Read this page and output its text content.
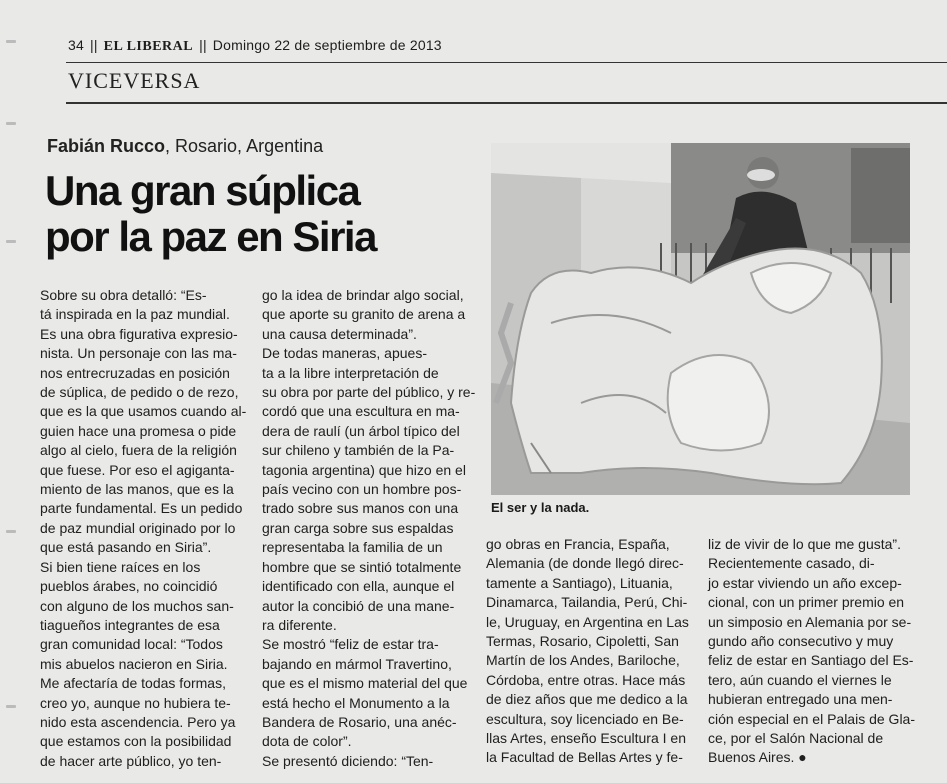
34 || EL LIBERAL || Domingo 22 de septiembre de 2013
VICEVERSA
Fabián Rucco, Rosario, Argentina
Una gran súplica
por la paz en Siria
Sobre su obra detalló: “Es-
tá inspirada en la paz mundial.
Es una obra figurativa expresio-
nista. Un personaje con las ma-
nos entrecruzadas en posición
de súplica, de pedido o de rezo,
que es la que usamos cuando al-
guien hace una promesa o pide
algo al cielo, fuera de la religión
que fuese. Por eso el agiganta-
miento de las manos, que es la
parte fundamental. Es un pedido
de paz mundial originado por lo
que está pasando en Siria”.
Si bien tiene raíces en los
pueblos árabes, no coincidió
con alguno de los muchos san-
tiagueños integrantes de esa
gran comunidad local: “Todos
mis abuelos nacieron en Siria.
Me afectaría de todas formas,
creo yo, aunque no hubiera te-
nido esta ascendencia. Pero ya
que estamos con la posibilidad
de hacer arte público, yo ten-
go la idea de brindar algo social,
que aporte su granito de arena a
una causa determinada”.
De todas maneras, apues-
ta a la libre interpretación de
su obra por parte del público, y re-
cordó que una escultura en ma-
dera de raulí (un árbol típico del
sur chileno y también de la Pa-
tagonia argentina) que hizo en el
país vecino con un hombre pos-
trado sobre sus manos con una
gran carga sobre sus espaldas
representaba la familia de un
hombre que se sintió totalmente
identificado con ella, aunque el
autor la concibió de una mane-
ra diferente.
Se mostró “feliz de estar tra-
bajando en mármol Travertino,
que es el mismo material del que
está hecho el Monumento a la
Bandera de Rosario, una anéc-
dota de color”.
Se presentó diciendo: “Ten-
go obras en Francia, España,
Alemania (de donde llegó direc-
tamente a Santiago), Lituania,
Dinamarca, Tailandia, Perú, Chi-
le, Uruguay, en Argentina en Las
Termas, Rosario, Cipoletti, San
Martín de los Andes, Bariloche,
Córdoba, entre otras. Hace más
de diez años que me dedico a la
escultura, soy licenciado en Be-
llas Artes, enseño Escultura I en
la Facultad de Bellas Artes y fe-
liz de vivir de lo que me gusta”.
Recientemente casado, di-
jo estar viviendo un año excep-
cional, con un primer premio en
un simposio en Alemania por se-
gundo año consecutivo y muy
feliz de estar en Santiago del Es-
tero, aún cuando el viernes le
hubieran entregado una men-
ción especial en el Palais de Gla-
ce, por el Salón Nacional de
Buenos Aires. ●
El ser y la nada.
